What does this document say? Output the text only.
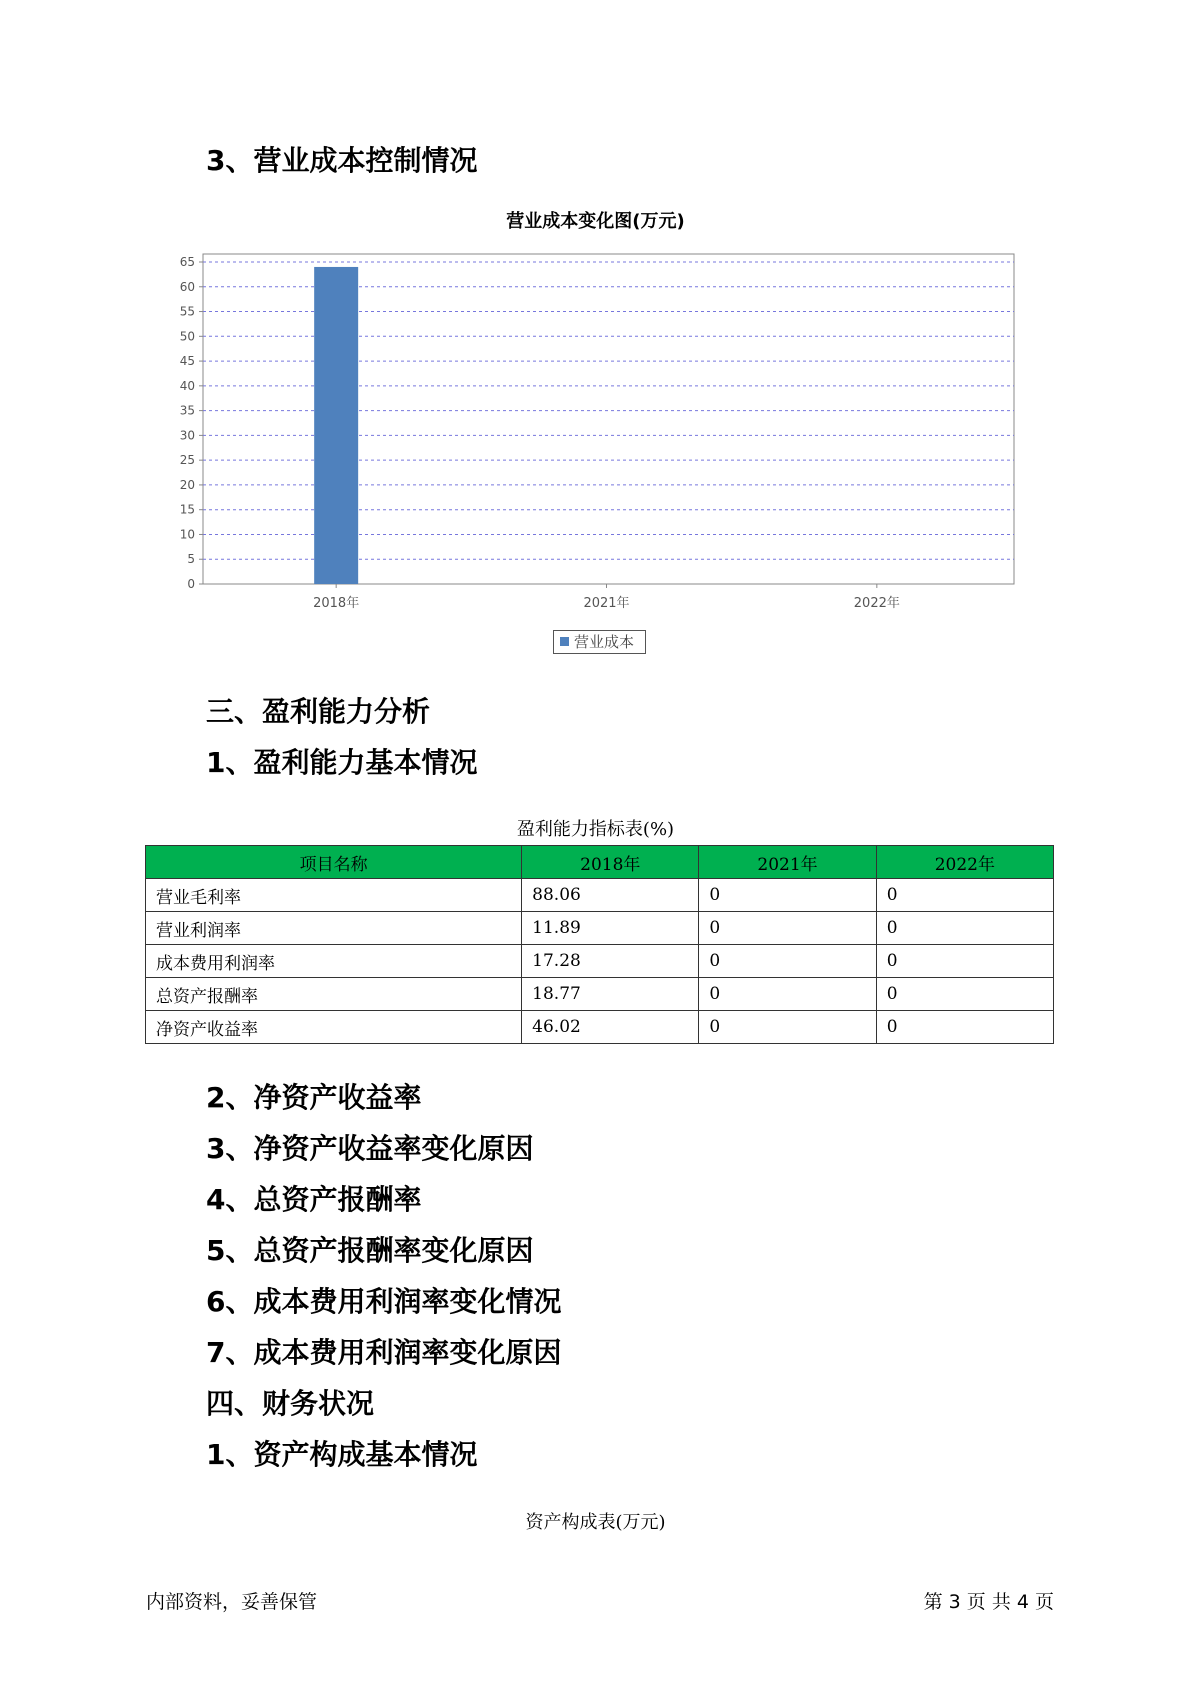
3、营业成本控制情况
营业成本变化图(万元)
0
5
10
15
20
25
30
35
40
45
50
55
60
65
2018年	2021年	2022年
营业成本
三、盈利能力分析
1、盈利能力基本情况
盈利能力指标表(%)
项目名称	2018年	2021年	2022年
营业毛利率	88.06	0	0
营业利润率	11.89	0	0
成本费用利润率	17.28	0	0
总资产报酬率	18.77	0	0
净资产收益率	46.02	0	0
2、净资产收益率
3、净资产收益率变化原因
4、总资产报酬率
5、总资产报酬率变化原因
6、成本费用利润率变化情况
7、成本费用利润率变化原因
四、财务状况
1、资产构成基本情况
资产构成表(万元)
内部资料，妥善保管	第 3 页 共 4 页
